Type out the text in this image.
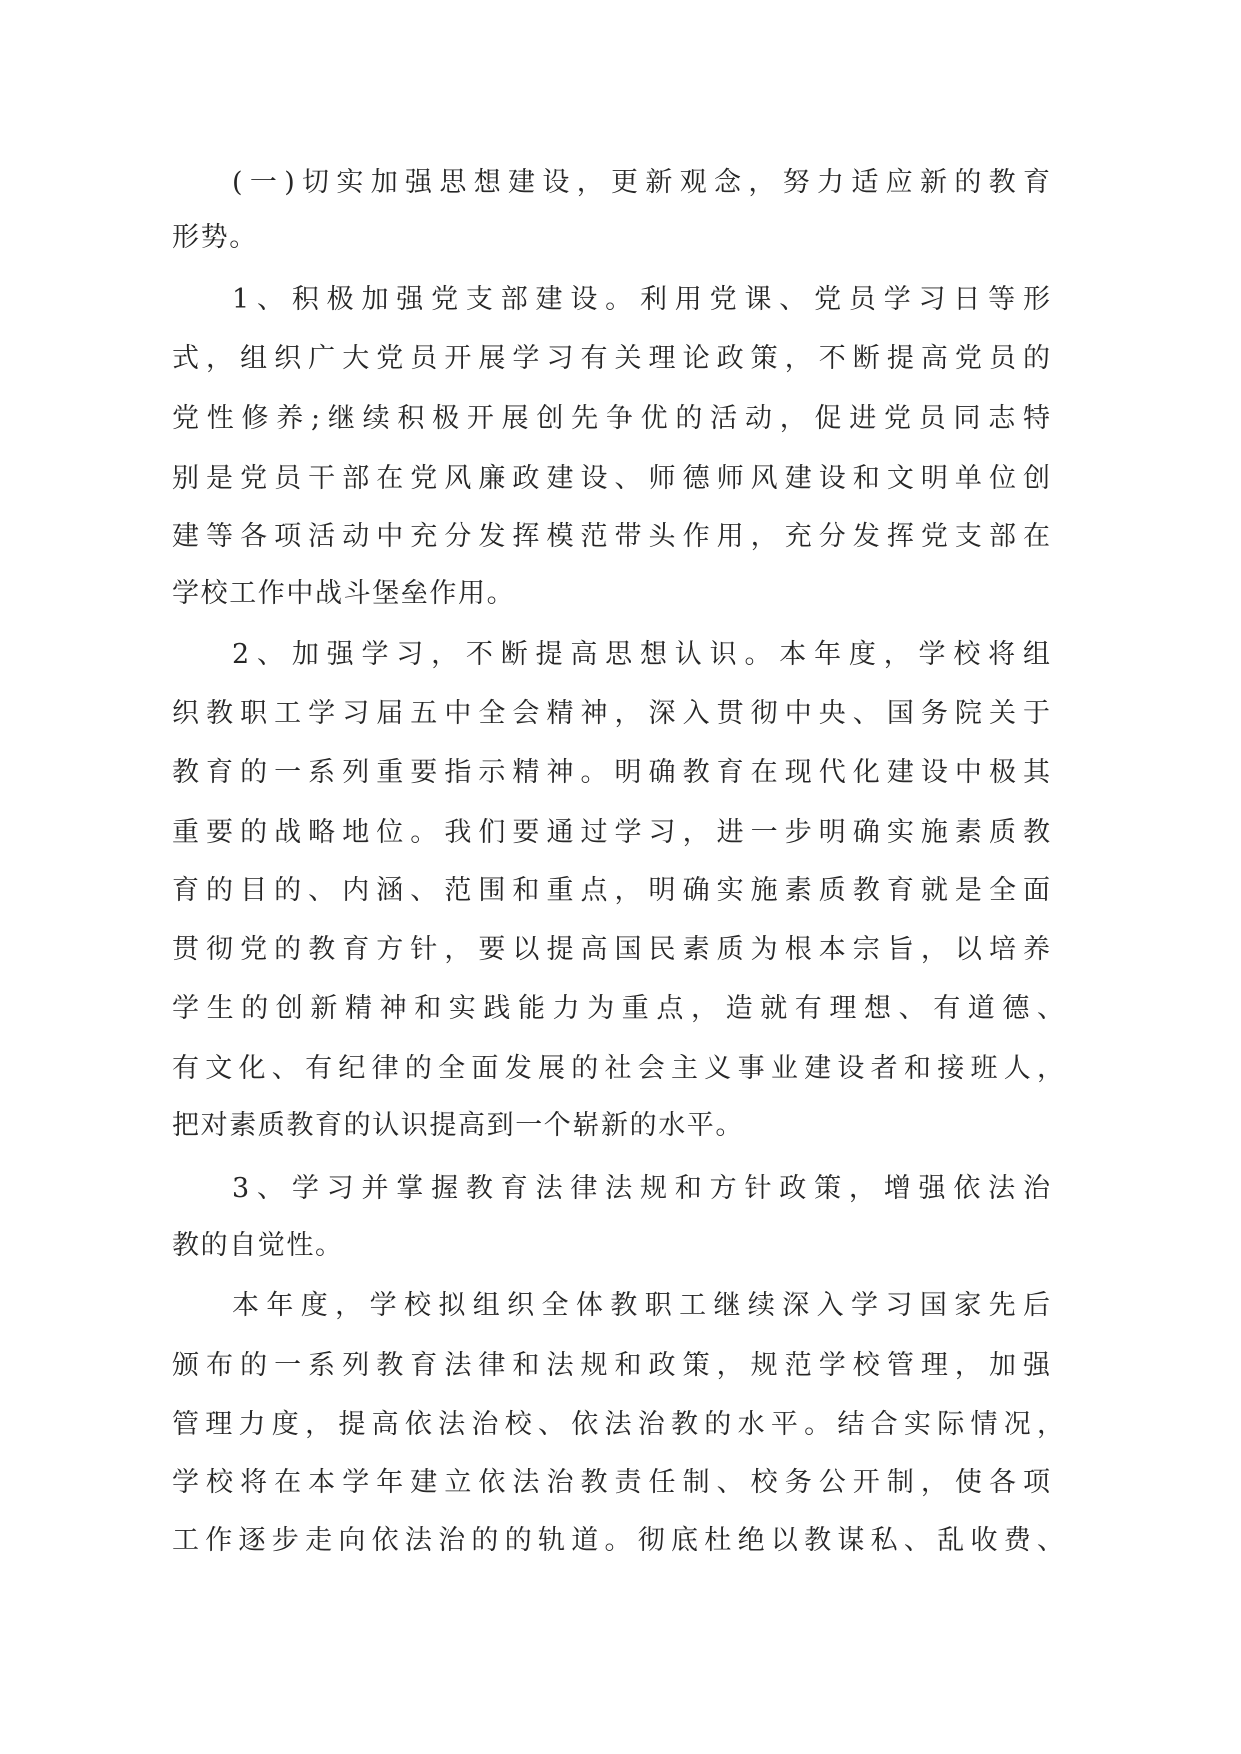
(一)切实加强思想建设，更新观念，努力适应新的教育
形势。
1、积极加强党支部建设。利用党课、党员学习日等形
式，组织广大党员开展学习有关理论政策，不断提高党员的
党性修养;继续积极开展创先争优的活动，促进党员同志特
别是党员干部在党风廉政建设、师德师风建设和文明单位创
建等各项活动中充分发挥模范带头作用，充分发挥党支部在
学校工作中战斗堡垒作用。
2、加强学习，不断提高思想认识。本年度，学校将组
织教职工学习届五中全会精神，深入贯彻中央、国务院关于
教育的一系列重要指示精神。明确教育在现代化建设中极其
重要的战略地位。我们要通过学习，进一步明确实施素质教
育的目的、内涵、范围和重点，明确实施素质教育就是全面
贯彻党的教育方针，要以提高国民素质为根本宗旨，以培养
学生的创新精神和实践能力为重点，造就有理想、有道德、
有文化、有纪律的全面发展的社会主义事业建设者和接班人，
把对素质教育的认识提高到一个崭新的水平。
3、学习并掌握教育法律法规和方针政策，增强依法治
教的自觉性。
本年度，学校拟组织全体教职工继续深入学习国家先后
颁布的一系列教育法律和法规和政策，规范学校管理，加强
管理力度，提高依法治校、依法治教的水平。结合实际情况，
学校将在本学年建立依法治教责任制、校务公开制，使各项
工作逐步走向依法治的的轨道。彻底杜绝以教谋私、乱收费、
